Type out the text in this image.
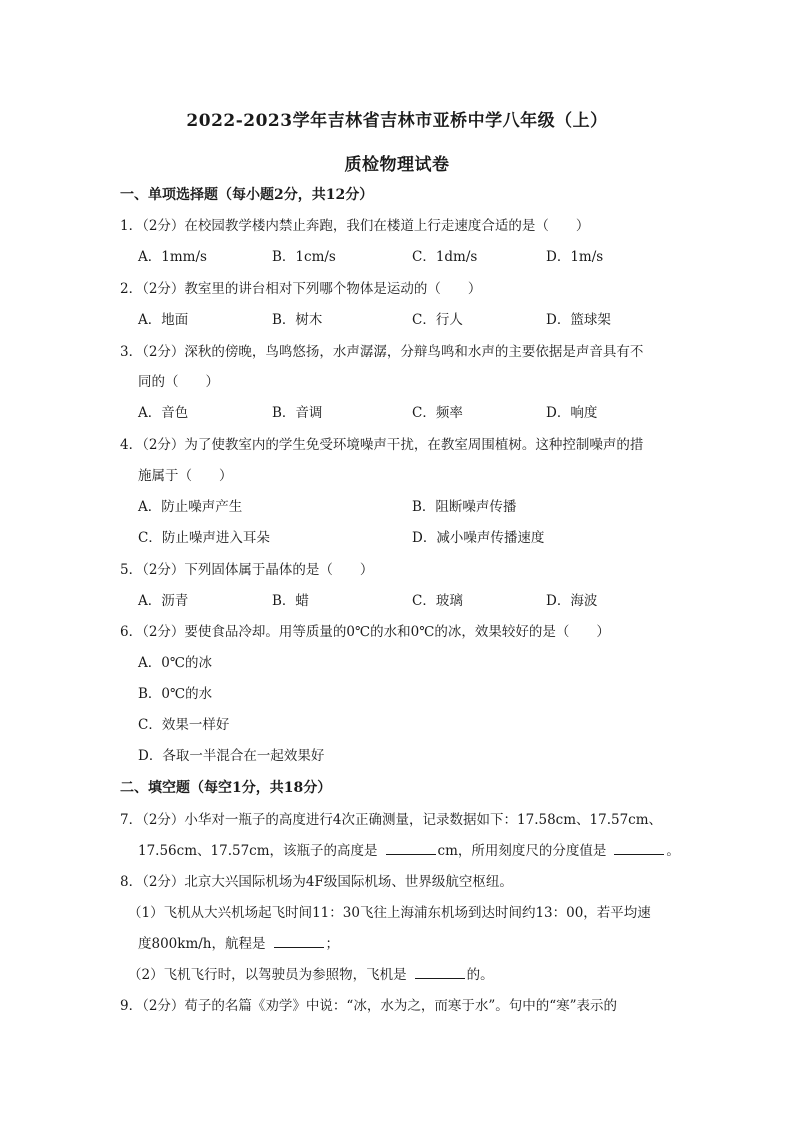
2022-2023学年吉林省吉林市亚桥中学八年级（上）
质检物理试卷
一、单项选择题（每小题2分，共12分）
1．（2分）在校园教学楼内禁止奔跑，我们在楼道上行走速度合适的是（　　）
A．1mm/s	B．1cm/s	C．1dm/s	D．1m/s
2．（2分）教室里的讲台相对下列哪个物体是运动的（　　）
A．地面	B．树木	C．行人	D．篮球架
3．（2分）深秋的傍晚，鸟鸣悠扬，水声潺潺，分辩鸟鸣和水声的主要依据是声音具有不
同的（　　）
A．音色	B．音调	C．频率	D．响度
4．（2分）为了使教室内的学生免受环境噪声干扰，在教室周围植树。这种控制噪声的措
施属于（　　）
A．防止噪声产生	B．阻断噪声传播
C．防止噪声进入耳朵	D．减小噪声传播速度
5．（2分）下列固体属于晶体的是（　　）
A．沥青	B．蜡	C．玻璃	D．海波
6．（2分）要使食品冷却。用等质量的0℃的水和0℃的冰，效果较好的是（　　）
A．0℃的冰
B．0℃的水
C．效果一样好
D．各取一半混合在一起效果好
二、填空题（每空1分，共18分）
7．（2分）小华对一瓶子的高度进行4次正确测量，记录数据如下：17.58cm、17.57cm、
17.56cm、17.57cm，该瓶子的高度是	cm，所用刻度尺的分度值是	。
8．（2分）北京大兴国际机场为4F级国际机场、世界级航空枢纽。
（1）飞机从大兴机场起飞时间11：30飞往上海浦东机场到达时间约13：00，若平均速
度800km/h，航程是	；
（2）飞机飞行时，以驾驶员为参照物，飞机是	的。
9．（2分）荀子的名篇《劝学》中说：“冰，水为之，而寒于水”。句中的“寒”表示的
